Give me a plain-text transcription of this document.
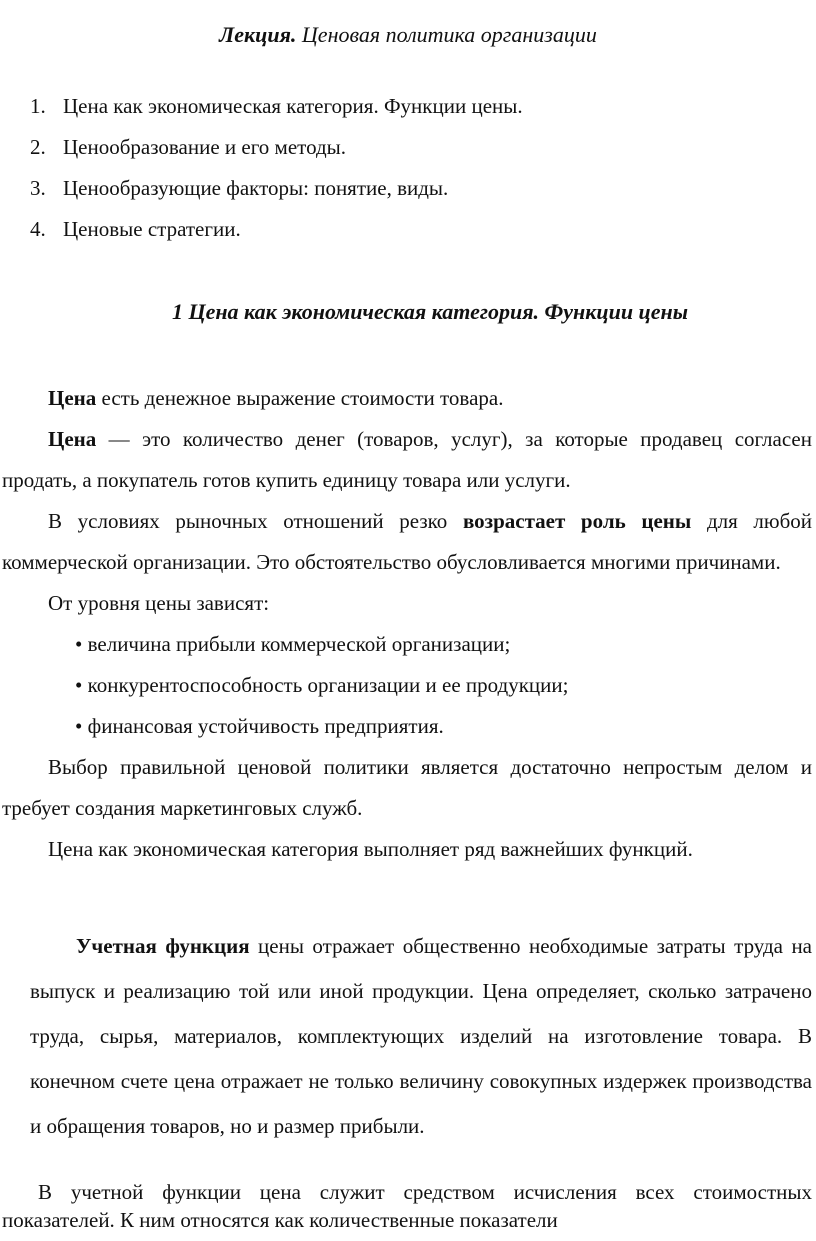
Лекция. Ценовая политика организации
1. Цена как экономическая категория. Функции цены.
2. Ценообразование и его методы.
3. Ценообразующие факторы: понятие, виды.
4. Ценовые стратегии.
1 Цена как экономическая категория. Функции цены

Цена есть денежное выражение стоимости товара.

Цена — это количество денег (товаров, услуг), за которые продавец согласен продать, а покупатель готов купить единицу товара или услуги.

В условиях рыночных отношений резко возрастает роль цены для любой коммерческой организации. Это обстоятельство обусловливается многими причинами.

От уровня цены зависят:

• величина прибыли коммерческой организации;

• конкурентоспособность организации и ее продукции;

• финансовая устойчивость предприятия.

Выбор правильной ценовой политики является достаточно непростым делом и требует создания маркетинговых служб.

Цена как экономическая категория выполняет ряд важнейших функций.

Учетная функция цены отражает общественно необходимые затраты труда на выпуск и реализацию той или иной продукции. Цена определяет, сколько затрачено труда, сырья, материалов, комплектующих изделий на изготовление товара. В конечном счете цена отражает не только величину совокупных издержек производства и обращения товаров, но и размер прибыли.

В учетной функции цена служит средством исчисления всех стоимостных показателей. К ним относятся как количественные показатели
